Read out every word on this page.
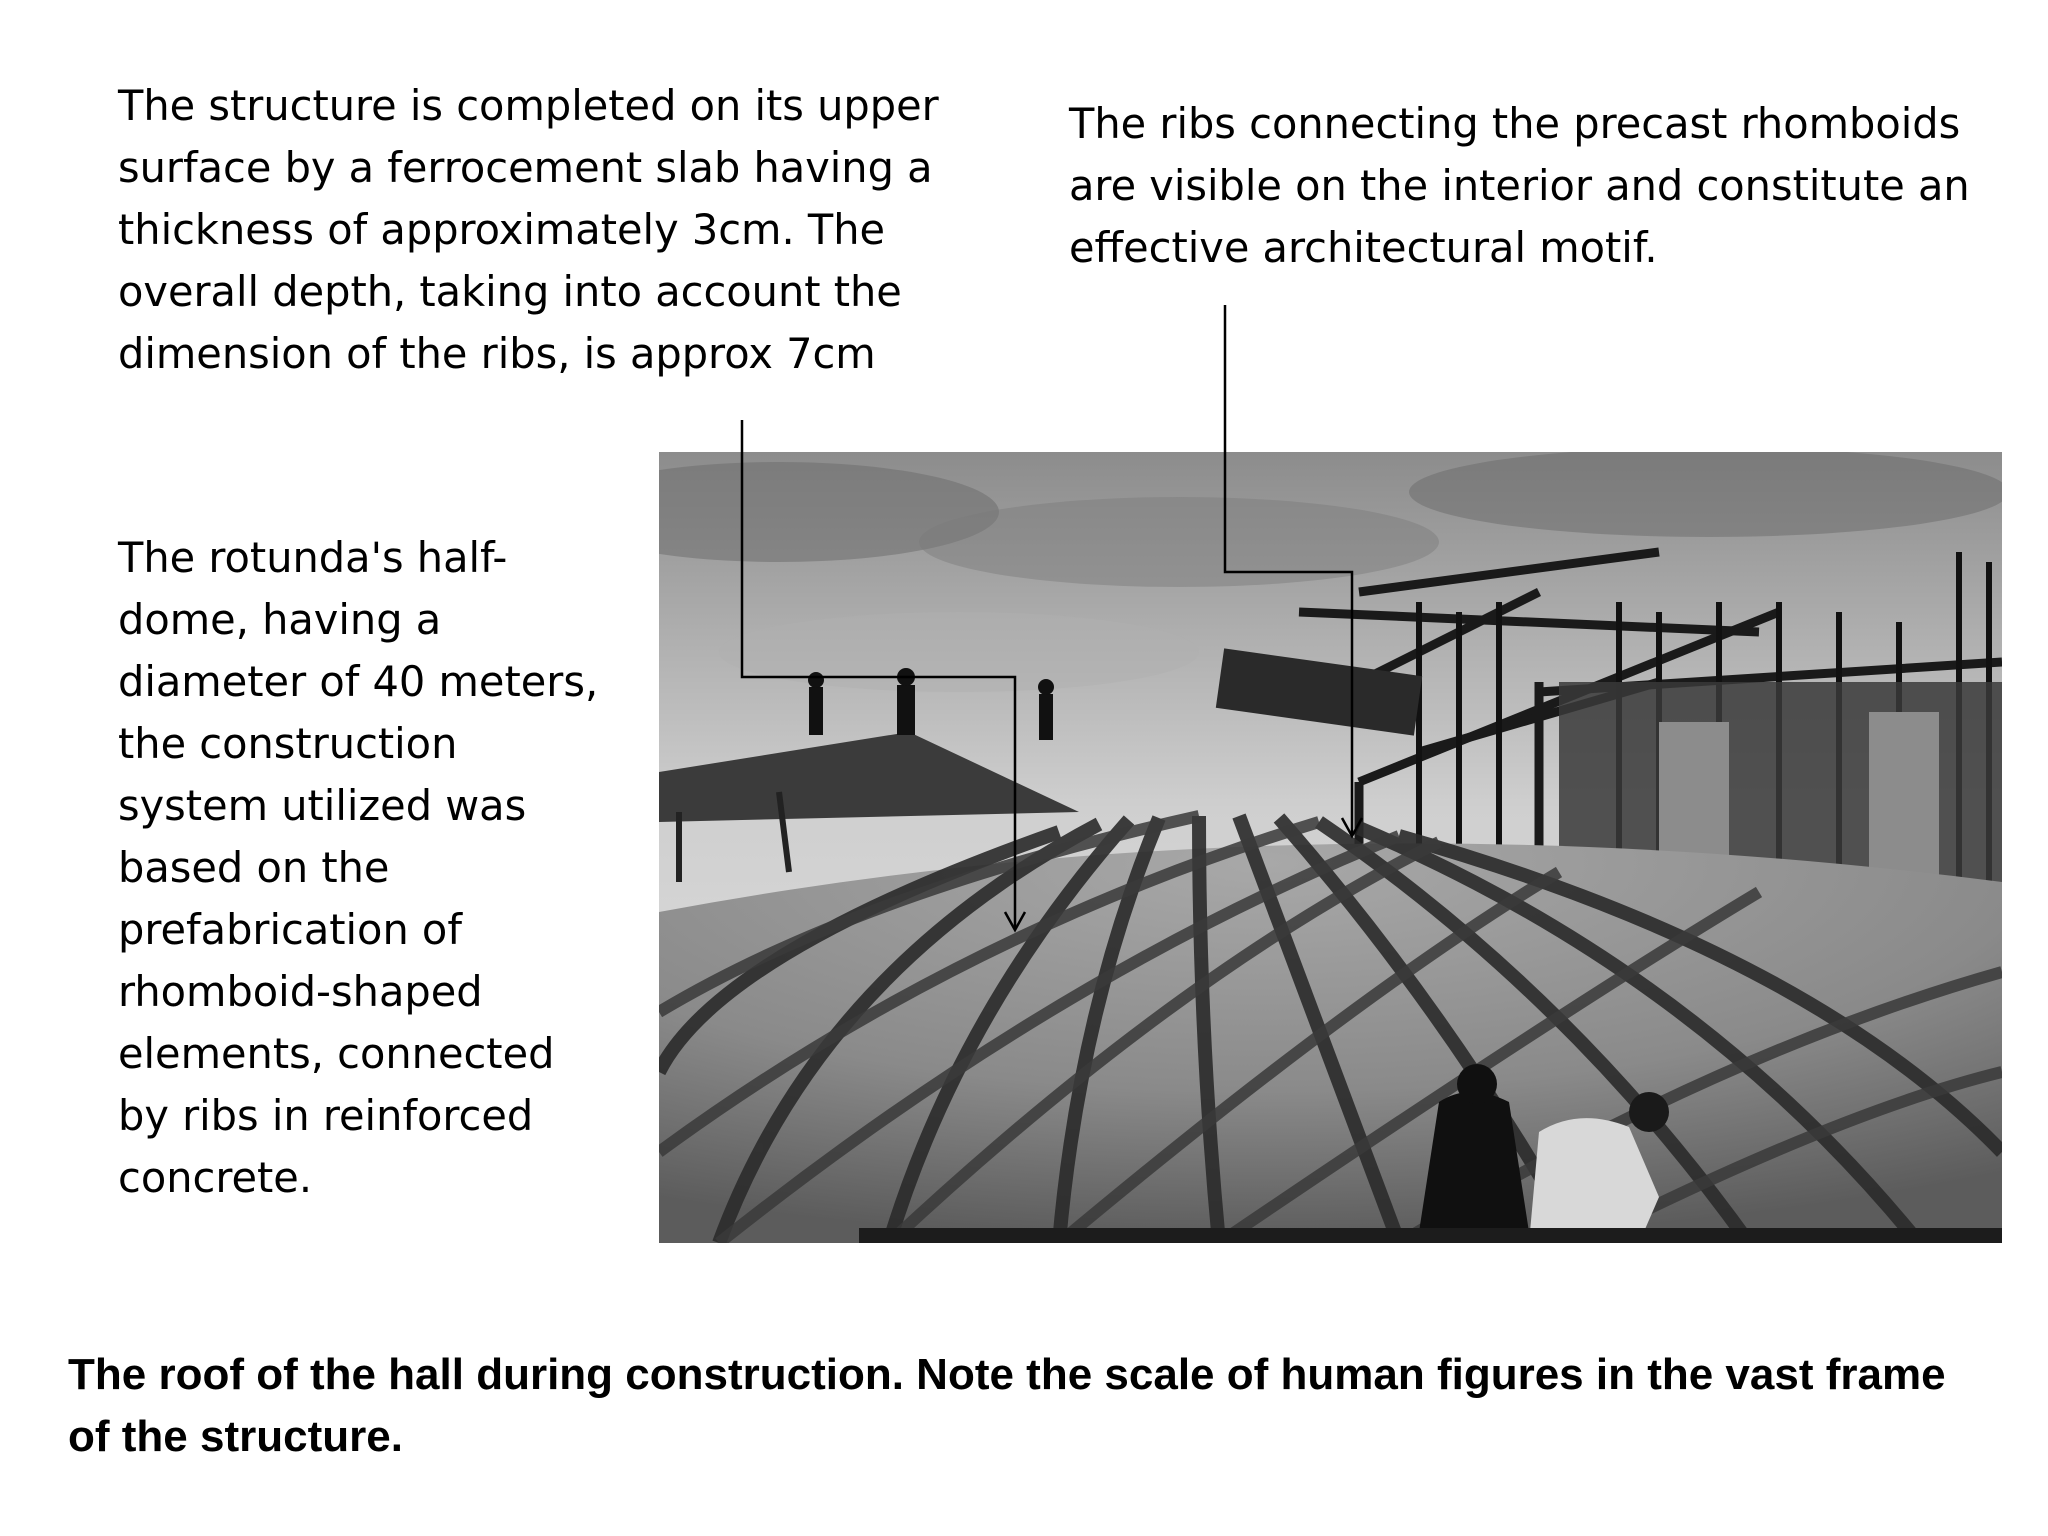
The structure is completed on its upper
surface by a ferrocement slab having a
thickness of approximately 3cm. The
overall depth, taking into account the
dimension of the ribs, is approx 7cm
The ribs connecting the precast rhomboids
are visible on the interior and constitute an
effective architectural motif.
The rotunda's half-
dome, having a
diameter of 40 meters,
the construction
system utilized was
based on the
prefabrication of
rhomboid-shaped
elements, connected
by ribs in reinforced
concrete.
The roof of the hall during construction. Note the scale of human figures in the vast frame
of the structure.
